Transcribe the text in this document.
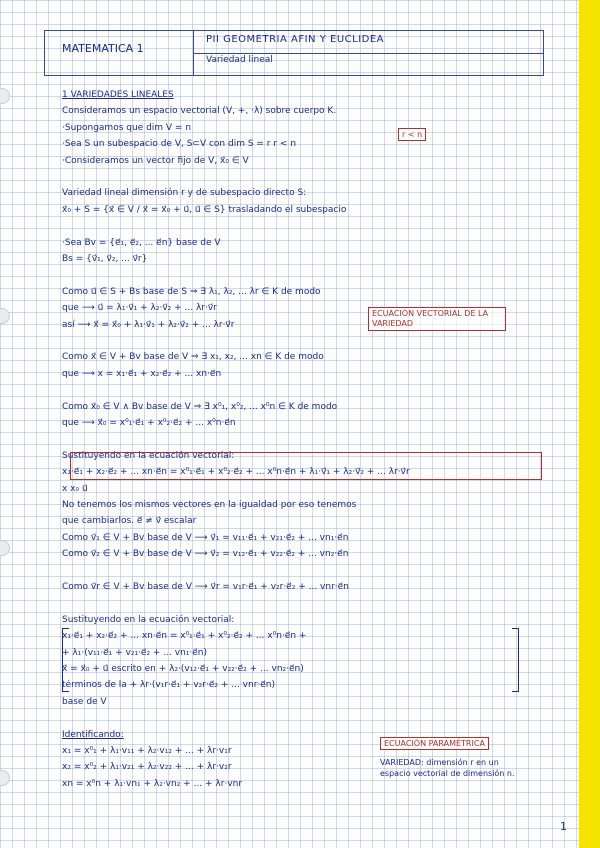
MATEMATICA 1
PII GEOMETRIA AFIN Y EUCLIDEA
Variedad lineal
1 VARIEDADES LINEALES
Consideramos un espacio vectorial (V, +, ·λ) sobre cuerpo K.
·Supongamos que dim V = n
·Sea S un subespacio de V, S⊂V con dim S = r r < n
·Consideramos un vector fijo de V, x⃗₀ ∈ V
Variedad lineal dimensión r y de subespacio directo S:
x⃗₀ + S = {x⃗ ∈ V / x⃗ = x⃗₀ + u⃗, u⃗ ∈ S} trasladando el subespacio
·Sea Bv = {e⃗₁, e⃗₂, ... e⃗n} base de V
Bs = {v⃗₁, v⃗₂, ... v⃗r}
Como u⃗ ∈ S + Bs base de S ⇒ ∃ λ₁, λ₂, ... λr ∈ K de modo
que ⟶ u⃗ = λ₁·v⃗₁ + λ₂·v⃗₂ + ... λr·v⃗r
así ⟶ x⃗ = x⃗₀ + λ₁·v⃗₁ + λ₂·v⃗₂ + ... λr·v⃗r
Como x⃗ ∈ V + Bv base de V ⇒ ∃ x₁, x₂, ... xn ∈ K de modo
que ⟶ x = x₁·e⃗₁ + x₂·e⃗₂ + ... xn·e⃗n
Como x⃗₀ ∈ V ∧ Bv base de V ⇒ ∃ x⁰₁, x⁰₂, ... x⁰n ∈ K de modo
que ⟶ x⃗₀ = x⁰₁·e⃗₁ + x⁰₂·e⃗₂ + ... x⁰n·e⃗n
Sustituyendo en la ecuación vectorial:
x₁·e⃗₁ + x₂·e⃗₂ + ... xn·e⃗n = x⁰₁·e⃗₁ + x⁰₂·e⃗₂ + ... x⁰n·e⃗n + λ₁·v⃗₁ + λ₂·v⃗₂ + ... λr·v⃗r
x x₀ u⃗
No tenemos los mismos vectores en la igualdad por eso tenemos
que cambiarlos. e⃗ ≠ v⃗ escalar
Como v⃗₁ ∈ V + Bv base de V ⟶ v⃗₁ = v₁₁·e⃗₁ + v₂₁·e⃗₂ + ... vn₁·e⃗n
Como v⃗₂ ∈ V + Bv base de V ⟶ v⃗₂ = v₁₂·e⃗₁ + v₂₂·e⃗₂ + ... vn₂·e⃗n
Como v⃗r ∈ V + Bv base de V ⟶ v⃗r = v₁r·e⃗₁ + v₂r·e⃗₂ + ... vnr·e⃗n
Sustituyendo en la ecuación vectorial:
x₁·e⃗₁ + x₂·e⃗₂ + ... xn·e⃗n = x⁰₁·e⃗₁ + x⁰₂·e⃗₂ + ... x⁰n·e⃗n +
+ λ₁·(v₁₁·e⃗₁ + v₂₁·e⃗₂ + ... vn₁·e⃗n)
x⃗ = x⃗₀ + u⃗ escrito en + λ₂·(v₁₂·e⃗₁ + v₂₂·e⃗₂ + ... vn₂·e⃗n)
términos de la + λr·(v₁r·e⃗₁ + v₂r·e⃗₂ + ... vnr·e⃗n)
base de V
Identificando:
x₁ = x⁰₁ + λ₁·v₁₁ + λ₂·v₁₂ + ... + λr·v₁r
x₂ = x⁰₂ + λ₁·v₂₁ + λ₂·v₂₂ + ... + λr·v₂r
xn = x⁰n + λ₁·vn₁ + λ₂·vn₂ + ... + λr·vnr
r < n
ECUACIÓN VECTORIAL DE LA VARIEDAD
ECUACIÓN PARAMÉTRICA
VARIEDAD: dimensión r en un espacio vectorial de dimensión n.
1
